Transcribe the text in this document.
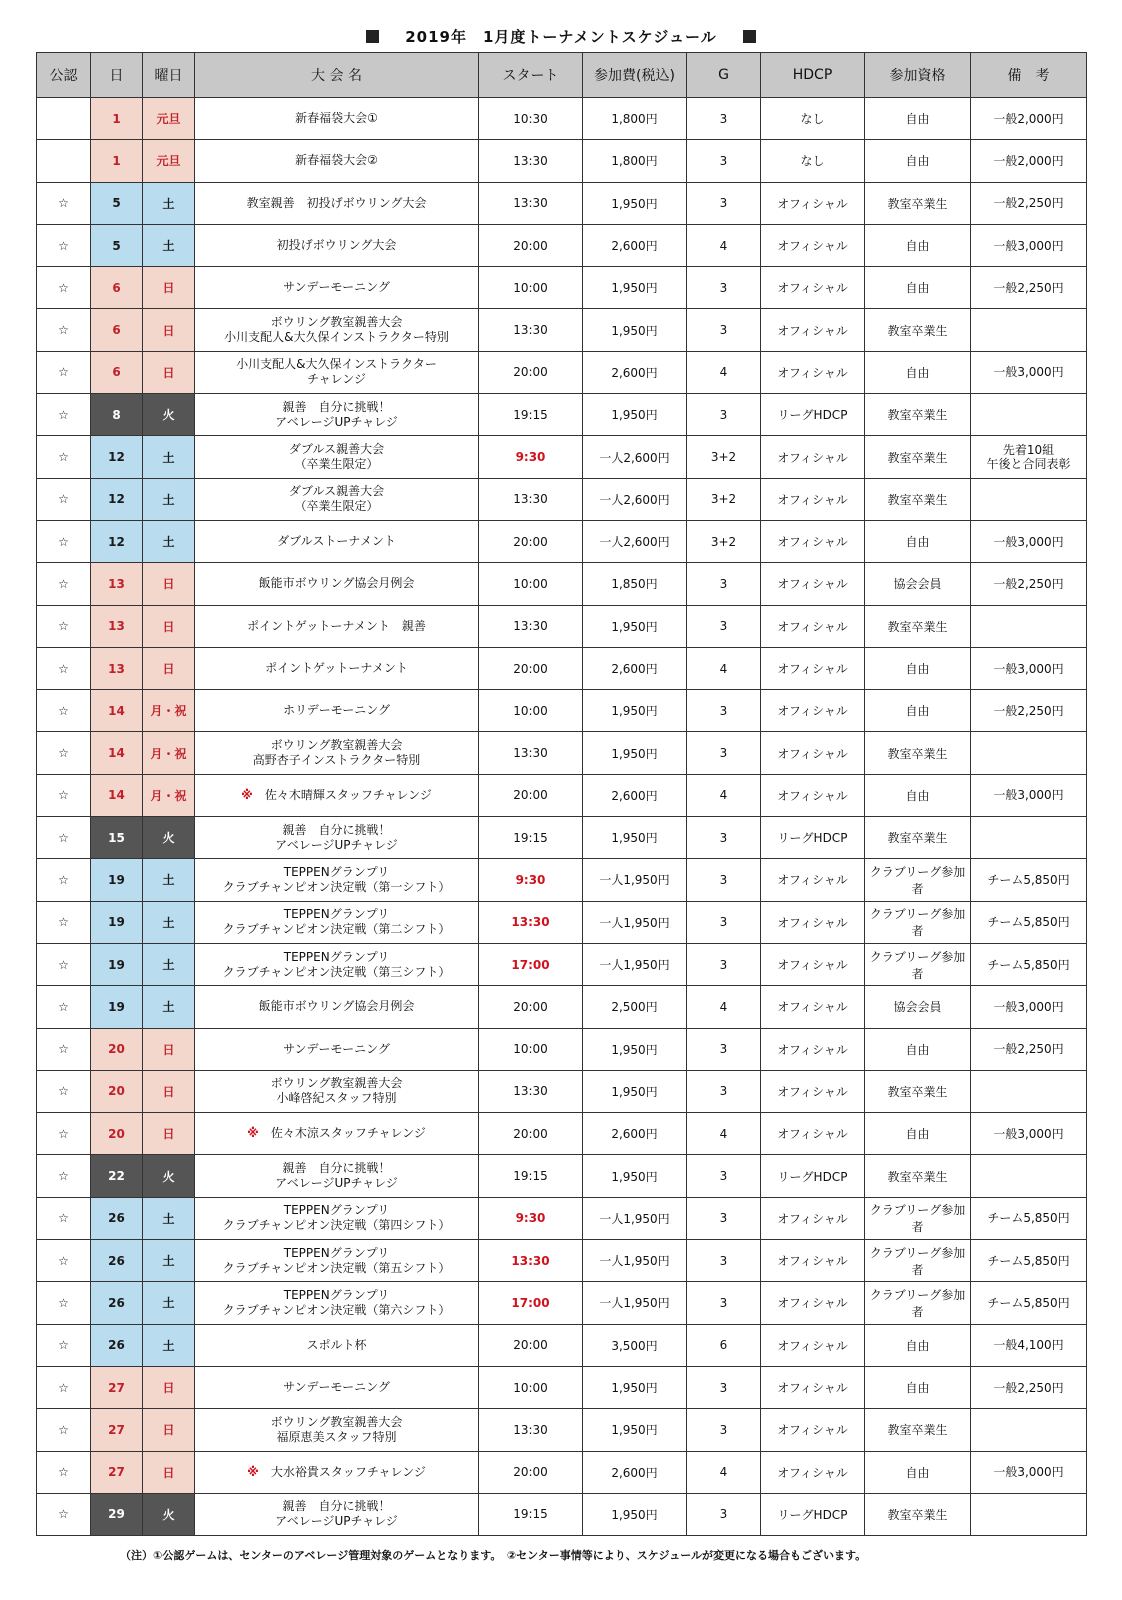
2019年　1月度トーナメントスケジュール
公認	日	曜日	大 会 名	スタート	参加費(税込)	G	HDCP	参加資格	備　考
	1	元旦	新春福袋大会①	10:30	1,800円	3	なし	自由	一般2,000円
	1	元旦	新春福袋大会②	13:30	1,800円	3	なし	自由	一般2,000円
☆	5	土	教室親善　初投げボウリング大会	13:30	1,950円	3	オフィシャル	教室卒業生	一般2,250円
☆	5	土	初投げボウリング大会	20:00	2,600円	4	オフィシャル	自由	一般3,000円
☆	6	日	サンデーモーニング	10:00	1,950円	3	オフィシャル	自由	一般2,250円
☆	6	日	ボウリング教室親善大会
小川支配人&大久保インストラクター特別	13:30	1,950円	3	オフィシャル	教室卒業生	
☆	6	日	小川支配人&大久保インストラクター
チャレンジ	20:00	2,600円	4	オフィシャル	自由	一般3,000円
☆	8	火	親善　自分に挑戦！
アベレージUPチャレジ	19:15	1,950円	3	リーグHDCP	教室卒業生	
☆	12	土	ダブルス親善大会
（卒業生限定）	9:30	一人2,600円	3+2	オフィシャル	教室卒業生	先着10組
午後と合同表彰
☆	12	土	ダブルス親善大会
（卒業生限定）	13:30	一人2,600円	3+2	オフィシャル	教室卒業生	
☆	12	土	ダブルストーナメント	20:00	一人2,600円	3+2	オフィシャル	自由	一般3,000円
☆	13	日	飯能市ボウリング協会月例会	10:00	1,850円	3	オフィシャル	協会会員	一般2,250円
☆	13	日	ポイントゲットーナメント　親善	13:30	1,950円	3	オフィシャル	教室卒業生	
☆	13	日	ポイントゲットーナメント	20:00	2,600円	4	オフィシャル	自由	一般3,000円
☆	14	月・祝	ホリデーモーニング	10:00	1,950円	3	オフィシャル	自由	一般2,250円
☆	14	月・祝	ボウリング教室親善大会
高野杏子インストラクター特別	13:30	1,950円	3	オフィシャル	教室卒業生	
☆	14	月・祝	※　 佐々木晴輝スタッフチャレンジ	20:00	2,600円	4	オフィシャル	自由	一般3,000円
☆	15	火	親善　自分に挑戦！
アベレージUPチャレジ	19:15	1,950円	3	リーグHDCP	教室卒業生	
☆	19	土	TEPPENグランプリ
クラブチャンピオン決定戦（第一シフト）	9:30	一人1,950円	3	オフィシャル	クラブリーグ参加者	チーム5,850円
☆	19	土	TEPPENグランプリ
クラブチャンピオン決定戦（第二シフト）	13:30	一人1,950円	3	オフィシャル	クラブリーグ参加者	チーム5,850円
☆	19	土	TEPPENグランプリ
クラブチャンピオン決定戦（第三シフト）	17:00	一人1,950円	3	オフィシャル	クラブリーグ参加者	チーム5,850円
☆	19	土	飯能市ボウリング協会月例会	20:00	2,500円	4	オフィシャル	協会会員	一般3,000円
☆	20	日	サンデーモーニング	10:00	1,950円	3	オフィシャル	自由	一般2,250円
☆	20	日	ボウリング教室親善大会
小峰啓紀スタッフ特別	13:30	1,950円	3	オフィシャル	教室卒業生	
☆	20	日	※　 佐々木涼スタッフチャレンジ	20:00	2,600円	4	オフィシャル	自由	一般3,000円
☆	22	火	親善　自分に挑戦！
アベレージUPチャレジ	19:15	1,950円	3	リーグHDCP	教室卒業生	
☆	26	土	TEPPENグランプリ
クラブチャンピオン決定戦（第四シフト）	9:30	一人1,950円	3	オフィシャル	クラブリーグ参加者	チーム5,850円
☆	26	土	TEPPENグランプリ
クラブチャンピオン決定戦（第五シフト）	13:30	一人1,950円	3	オフィシャル	クラブリーグ参加者	チーム5,850円
☆	26	土	TEPPENグランプリ
クラブチャンピオン決定戦（第六シフト）	17:00	一人1,950円	3	オフィシャル	クラブリーグ参加者	チーム5,850円
☆	26	土	スポルト杯	20:00	3,500円	6	オフィシャル	自由	一般4,100円
☆	27	日	サンデーモーニング	10:00	1,950円	3	オフィシャル	自由	一般2,250円
☆	27	日	ボウリング教室親善大会
福原恵美スタッフ特別	13:30	1,950円	3	オフィシャル	教室卒業生	
☆	27	日	※　 大水裕貴スタッフチャレンジ	20:00	2,600円	4	オフィシャル	自由	一般3,000円
☆	29	火	親善　自分に挑戦！
アベレージUPチャレジ	19:15	1,950円	3	リーグHDCP	教室卒業生	
（注）①公認ゲームは、センターのアベレージ管理対象のゲームとなります。　②センター事情等により、スケジュールが変更になる場合もございます。
